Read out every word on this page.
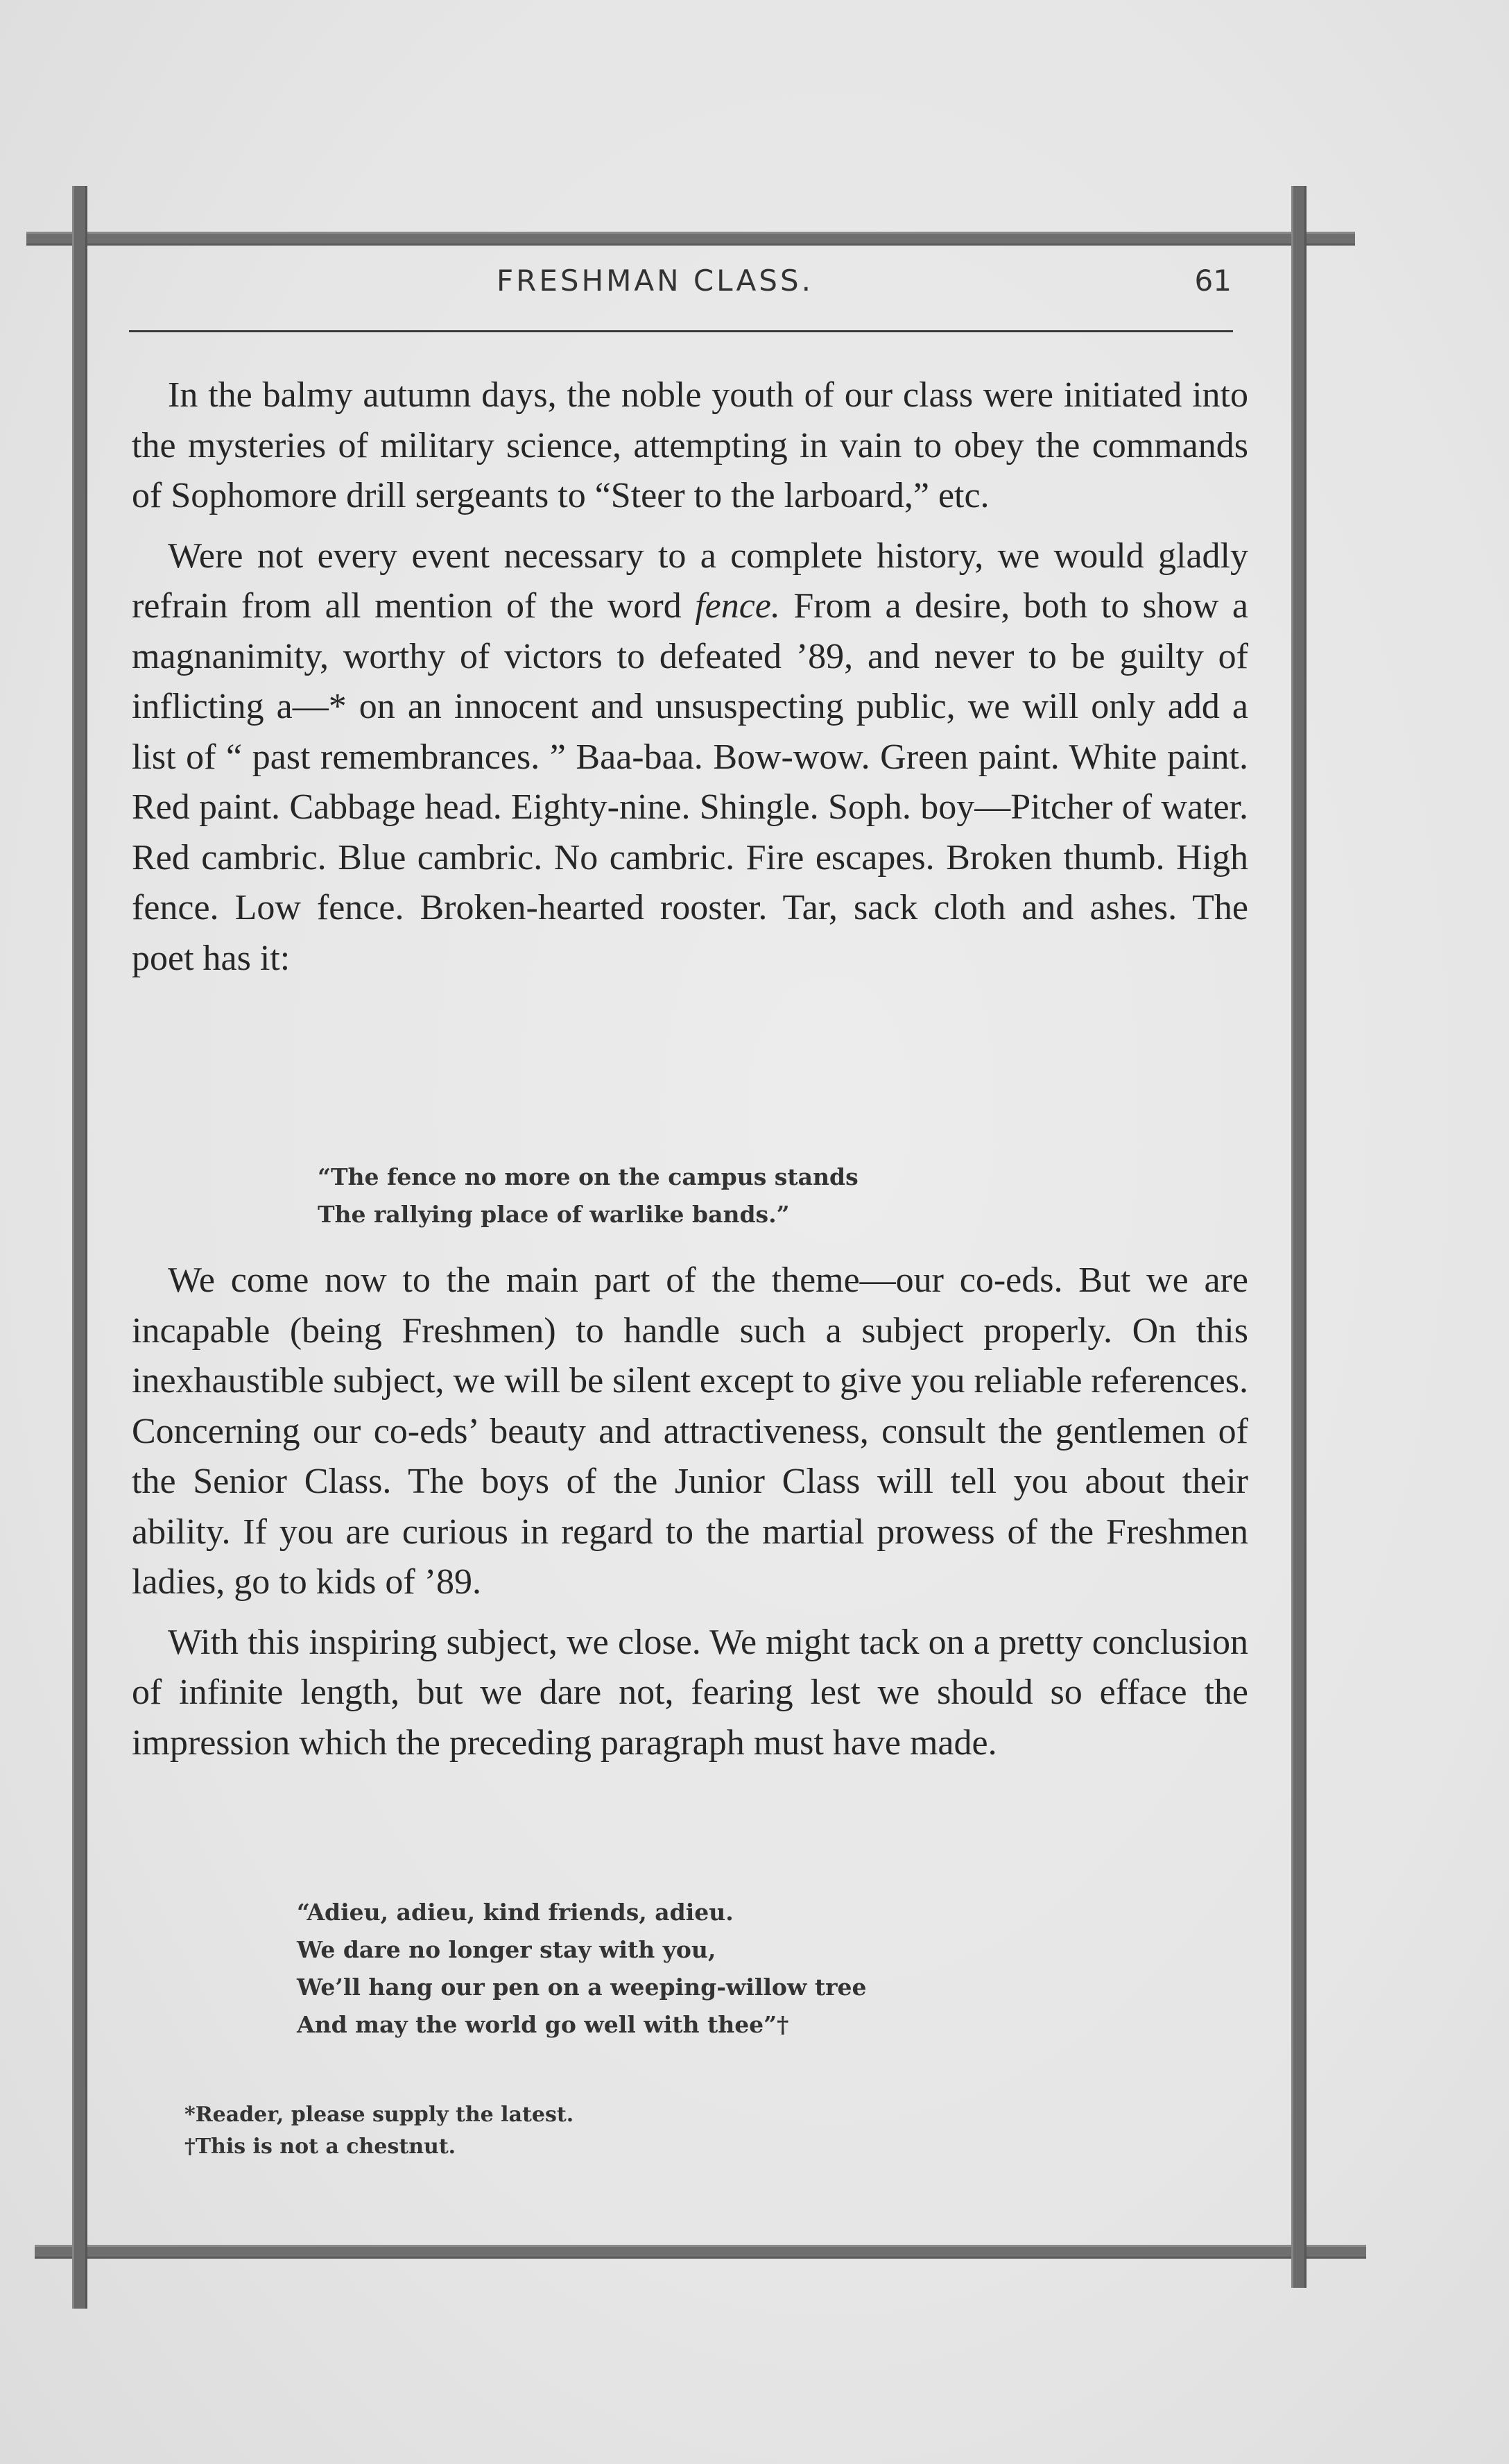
FRESHMAN CLASS.	61

In the balmy autumn days, the noble youth of our class were initiated into the mysteries of military science, attempting in vain to obey the commands of Sophomore drill sergeants to “Steer to the larboard,” etc.

Were not every event necessary to a complete history, we would gladly refrain from all mention of the word fence. From a desire, both to show a magnanimity, worthy of victors to defeated ’89, and never to be guilty of inflicting a—* on an innocent and unsuspecting public, we will only add a list of “ past remembrances. ” Baa-baa. Bow-wow. Green paint. White paint. Red paint. Cabbage head. Eighty-nine. Shingle. Soph. boy—Pitcher of water. Red cambric. Blue cambric. No cambric. Fire escapes. Broken thumb. High fence. Low fence. Broken-hearted rooster. Tar, sack cloth and ashes. The poet has it:

“The fence no more on the campus stands
The rallying place of warlike bands.”

We come now to the main part of the theme—our co-eds. But we are incapable (being Freshmen) to handle such a subject properly. On this inexhaustible subject, we will be silent except to give you reliable references. Concerning our co-eds’ beauty and attractiveness, consult the gentlemen of the Senior Class. The boys of the Junior Class will tell you about their ability. If you are curious in regard to the martial prowess of the Freshmen ladies, go to kids of ’89.

With this inspiring subject, we close. We might tack on a pretty conclusion of infinite length, but we dare not, fearing lest we should so efface the impression which the preceding paragraph must have made.

“Adieu, adieu, kind friends, adieu.
We dare no longer stay with you,
We’ll hang our pen on a weeping-willow tree
And may the world go well with thee”†
*Reader, please supply the latest.
†This is not a chestnut.
